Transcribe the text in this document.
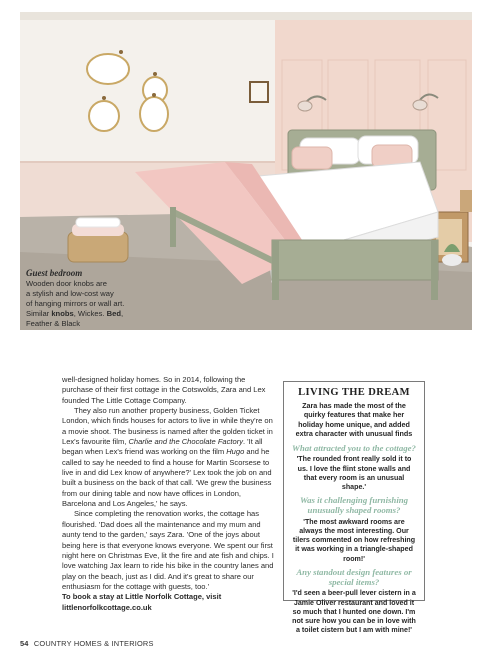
Guest bedroom
Wooden door knobs are
a stylish and low-cost way
of hanging mirrors or wall art.
Similar knobs, Wickes. Bed, Feather & Black

well-designed holiday homes. So in 2014, following the purchase of their first cottage in the Cotswolds, Zara and Lex founded The Little Cottage Company.

They also run another property business, Golden Ticket London, which finds houses for actors to live in while they're on a movie shoot. The business is named after the golden ticket in Lex's favourite film, Charlie and the Chocolate Factory. 'It all began when Lex's friend was working on the film Hugo and he called to say he needed to find a house for Martin Scorsese to live in and did Lex know of anywhere?' Lex took the job on and built a business on the back of that call. 'We grew the business from our dining table and now have offices in London, Barcelona and Los Angeles,' he says.

Since completing the renovation works, the cottage has flourished. 'Dad does all the maintenance and my mum and aunty tend to the garden,' says Zara. 'One of the joys about being here is that everyone knows everyone. We spent our first night here on Christmas Eve, lit the fire and ate fish and chips. I love watching Jax learn to ride his bike in the country lanes and play on the beach, just as I did. And it's great to share our enthusiasm for the cottage with guests, too.'

To book a stay at Little Norfolk Cottage, visit littlenorfolkcottage.co.uk

LIVING THE DREAM
Zara has made the most of the quirky features that make her holiday home unique, and added extra character with unusual finds
What attracted you to the cottage?
'The rounded front really sold it to us. I love the flint stone walls and that every room is an unusual shape.'
Was it challenging furnishing unusually shaped rooms?
'The most awkward rooms are always the most interesting. Our tilers commented on how refreshing it was working in a triangle-shaped room!'
Any standout design features or special items?
'I'd seen a beer-pull lever cistern in a Jamie Oliver restaurant and loved it so much that I hunted one down. I'm not sure how you can be in love with a toilet cistern but I am with mine!'
54 COUNTRY HOMES & INTERIORS
